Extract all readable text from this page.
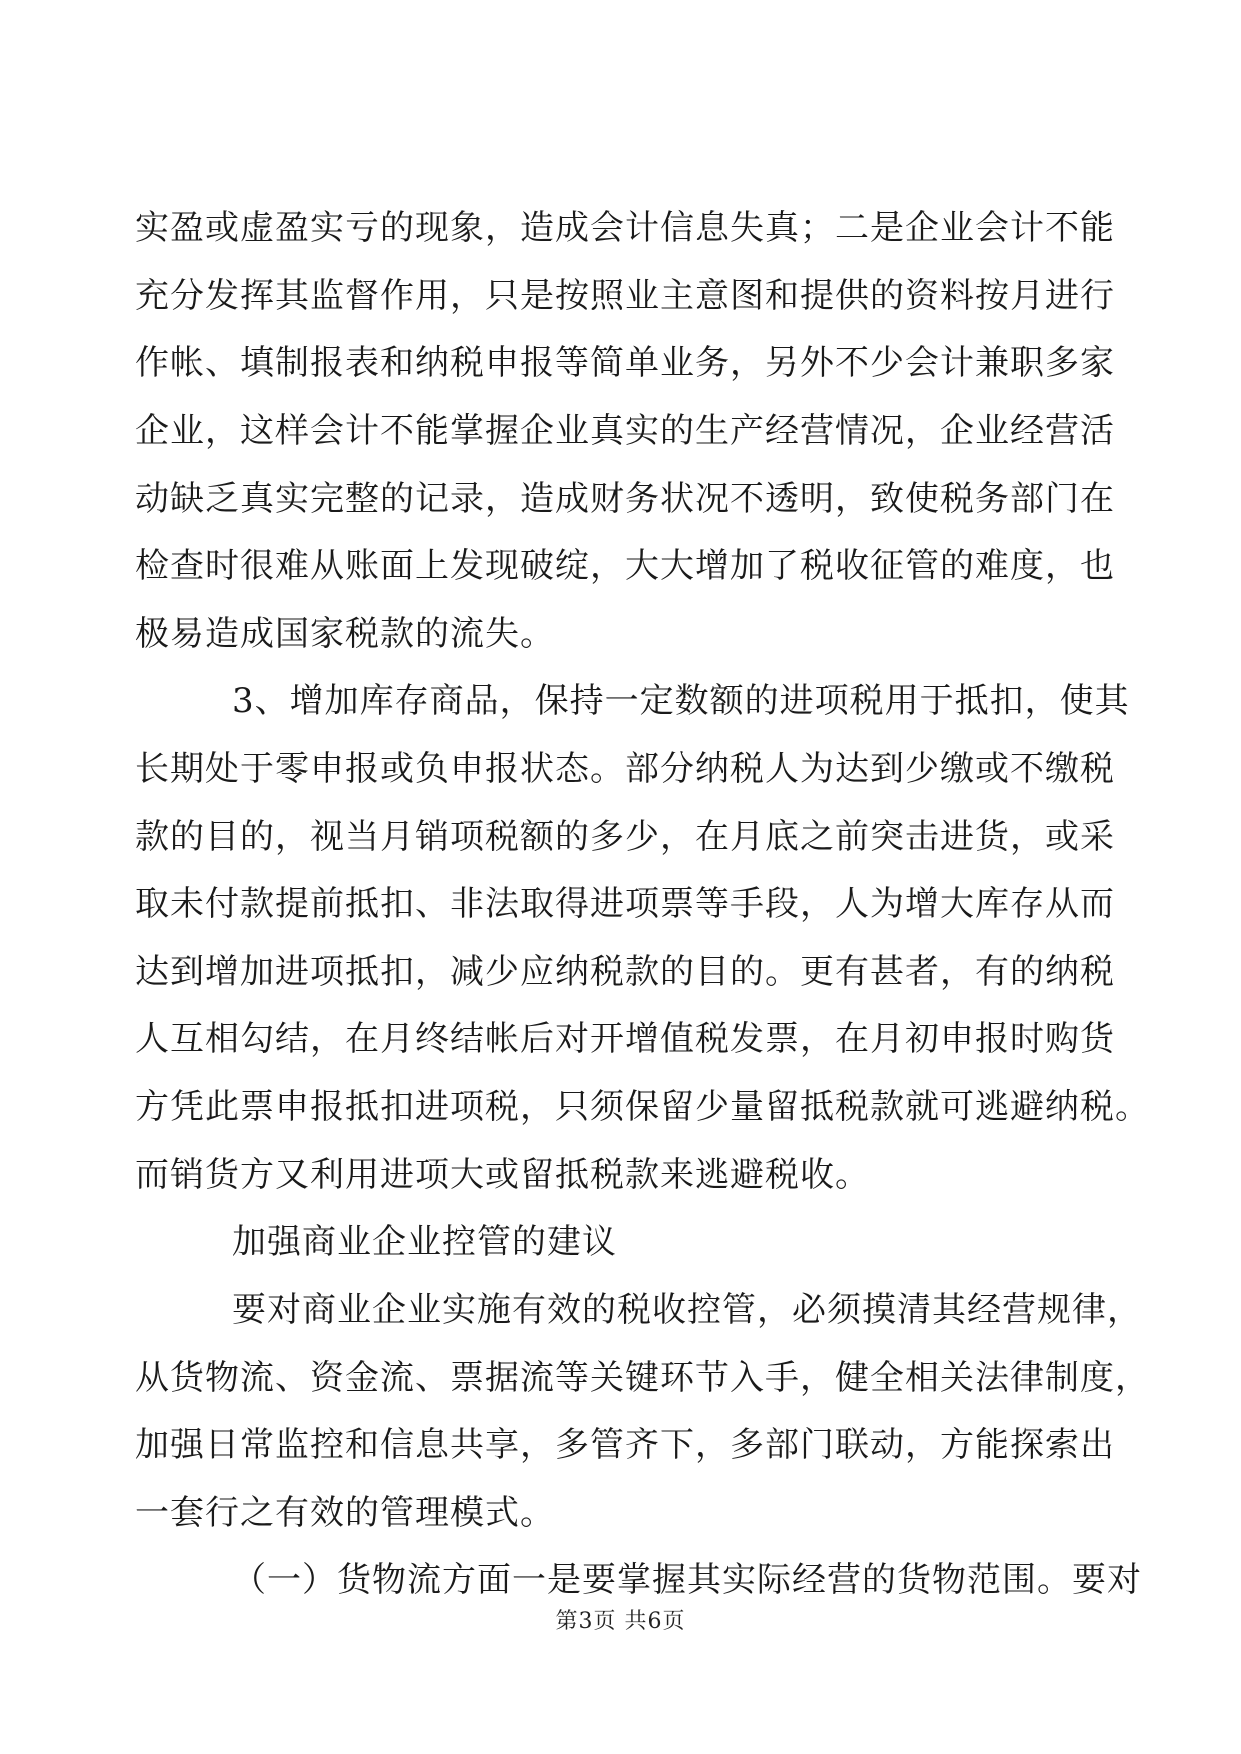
实盈或虚盈实亏的现象，造成会计信息失真；二是企业会计不能
充分发挥其监督作用，只是按照业主意图和提供的资料按月进行
作帐、填制报表和纳税申报等简单业务，另外不少会计兼职多家
企业，这样会计不能掌握企业真实的生产经营情况，企业经营活
动缺乏真实完整的记录，造成财务状况不透明，致使税务部门在
检查时很难从账面上发现破绽，大大增加了税收征管的难度，也
极易造成国家税款的流失。
3、增加库存商品，保持一定数额的进项税用于抵扣，使其
长期处于零申报或负申报状态。部分纳税人为达到少缴或不缴税
款的目的，视当月销项税额的多少，在月底之前突击进货，或采
取未付款提前抵扣、非法取得进项票等手段，人为增大库存从而
达到增加进项抵扣，减少应纳税款的目的。更有甚者，有的纳税
人互相勾结，在月终结帐后对开增值税发票，在月初申报时购货
方凭此票申报抵扣进项税，只须保留少量留抵税款就可逃避纳税。
而销货方又利用进项大或留抵税款来逃避税收。
加强商业企业控管的建议
要对商业企业实施有效的税收控管，必须摸清其经营规律，
从货物流、资金流、票据流等关键环节入手，健全相关法律制度，
加强日常监控和信息共享，多管齐下，多部门联动，方能探索出
一套行之有效的管理模式。
（一）货物流方面一是要掌握其实际经营的货物范围。要对
第3页 共6页
